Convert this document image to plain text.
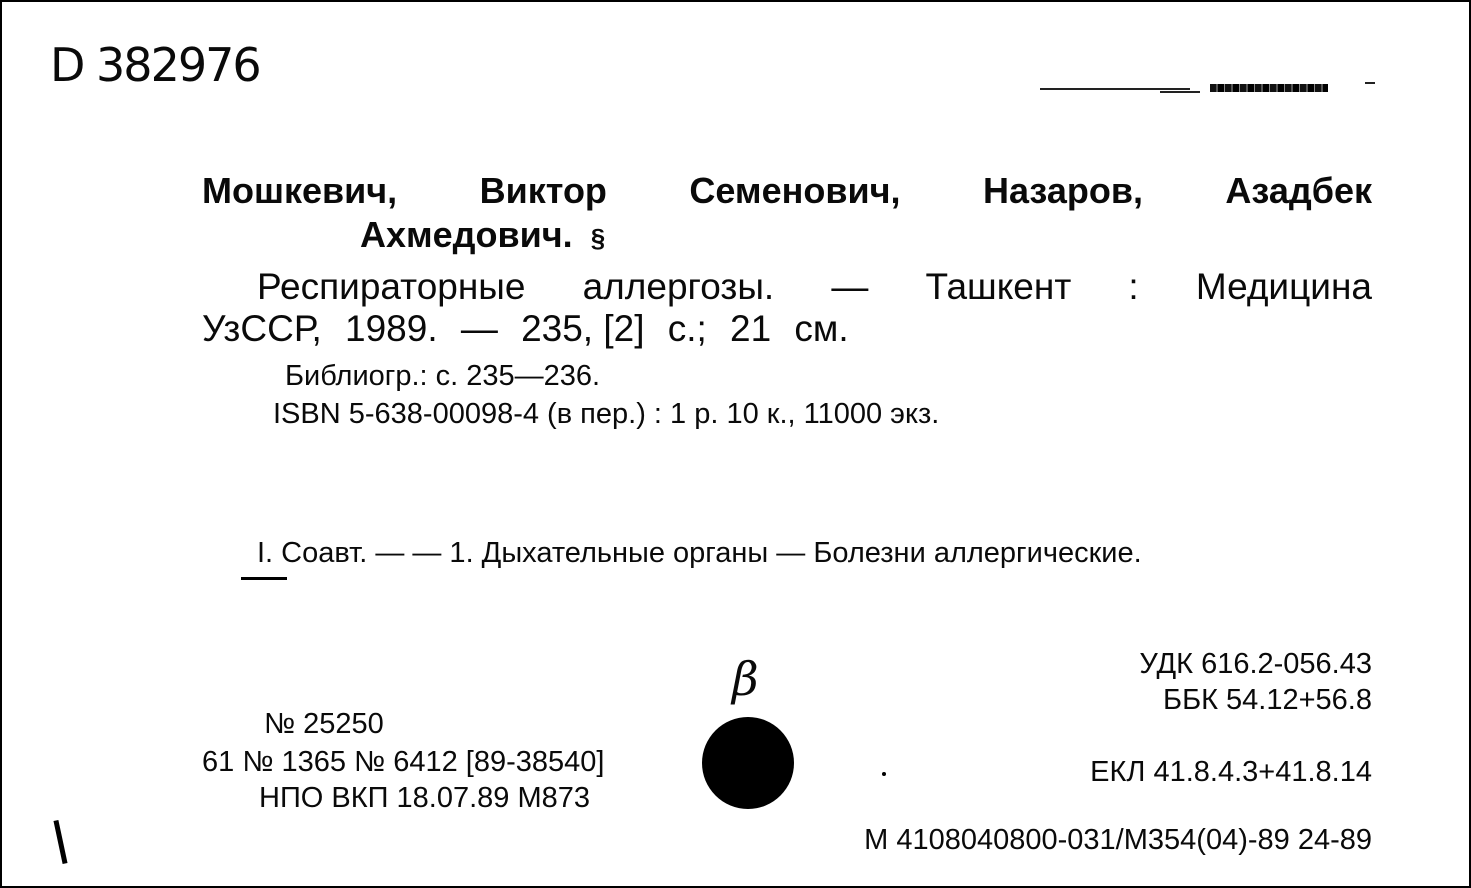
D 382976
Мошкевич, Виктор Семенович, Назаров, Азадбек
Ахмедович. §
Респираторные аллергозы. — Ташкент : Медицина
УзССР, 1989. — 235, [2] с.; 21 см.
Библиогр.: с. 235—236.
ISBN 5-638-00098-4 (в пер.) : 1 р. 10 к., 11000 экз.
I. Соавт. — — 1. Дыхательные органы — Болезни аллергические.
УДК 616.2-056.43
ББК 54.12+56.8
ЕКЛ 41.8.4.3+41.8.14
М 4108040800-031/М354(04)-89 24-89
№ 25250
61 № 1365 № 6412 [89-38540]
НПО ВКП 18.07.89 М873
β
